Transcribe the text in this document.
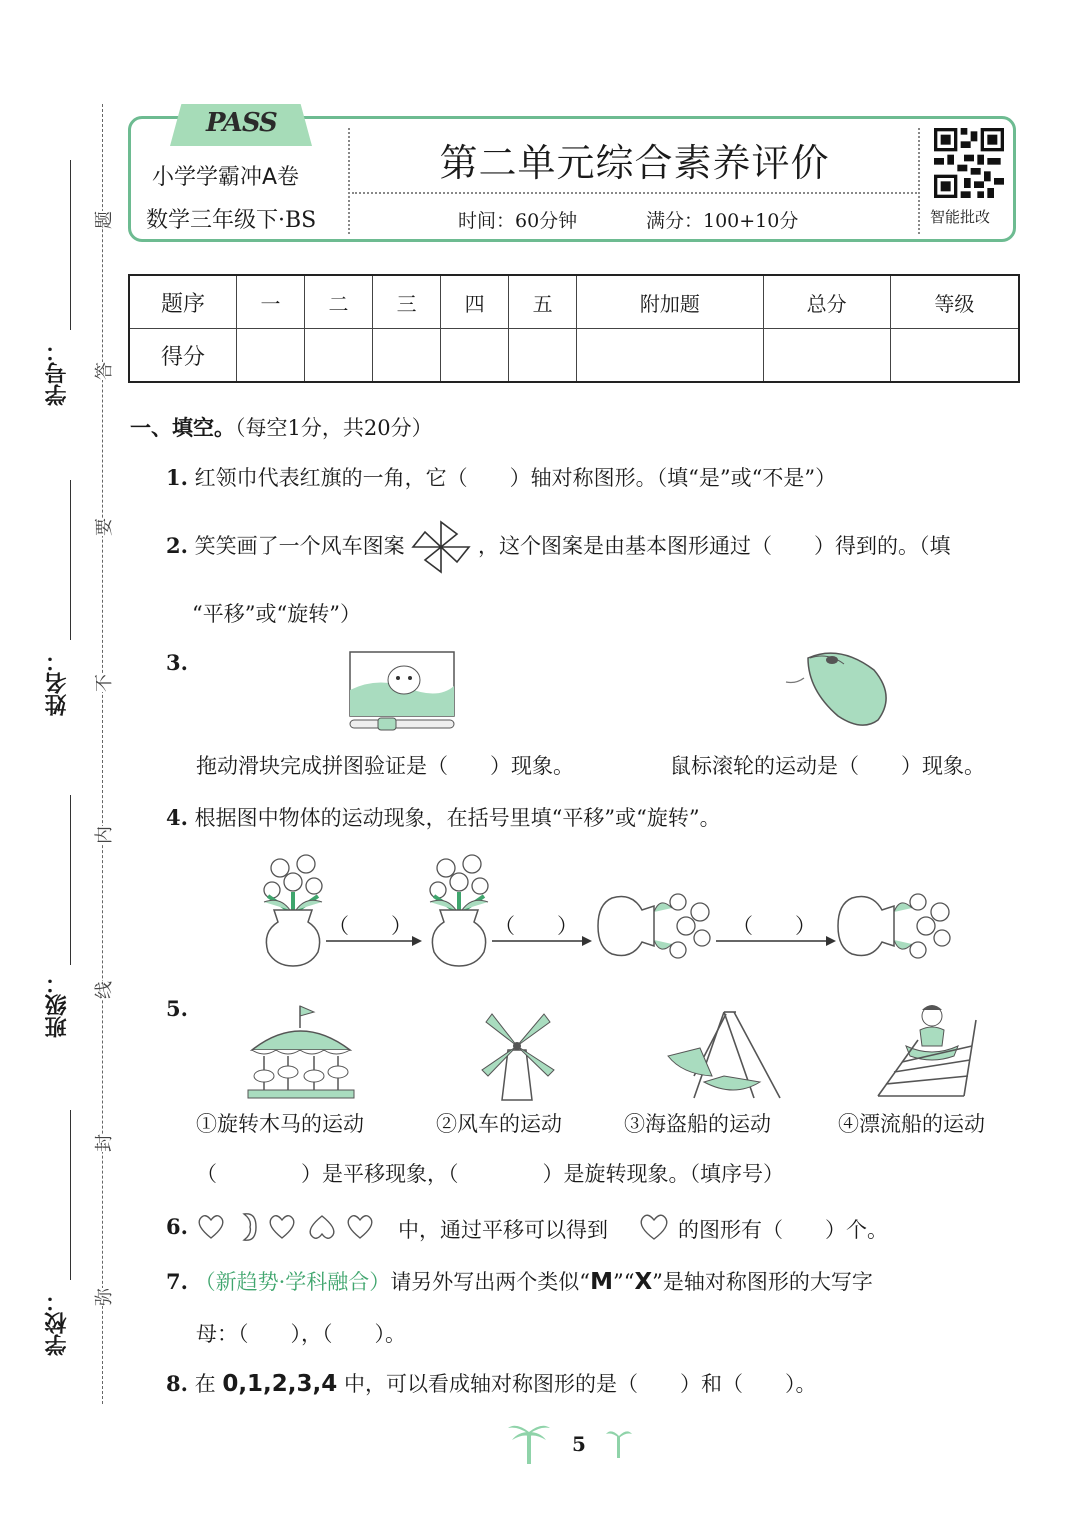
学号：
姓名：
班级：
学校：
题
答
要
不
内
线
封
弥
PASS
小学学霸冲A卷
数学三年级下·BS
第二单元综合素养评价
时间：60分钟	满分：100+10分	智能批改
题序	一	二	三	四	五	附加题	总分	等级
得分								
一、填空。（每空1分，共20分）
1. 红领巾代表红旗的一角，它（　　）轴对称图形。（填“是”或“不是”）
2. 笑笑画了一个风车图案	，这个图案是由基本图形通过（　　）得到的。（填
“平移”或“旋转”）
3.
拖动滑块完成拼图验证是（　　）现象。	鼠标滚轮的运动是（　　）现象。
4. 根据图中物体的运动现象，在括号里填“平移”或“旋转”。
（　　）	（　　）	（　　）
5.
①旋转木马的运动	②风车的运动	③海盗船的运动	④漂流船的运动
（　　　　）是平移现象，（　　　　）是旋转现象。（填序号）
6.	中，通过平移可以得到	的图形有（　　）个。
7. （新趋势·学科融合）请另外写出两个类似“M”“X”是轴对称图形的大写字
母：（　　），（　　）。
8. 在 0,1,2,3,4 中，可以看成轴对称图形的是（　　）和（　　）。
5
